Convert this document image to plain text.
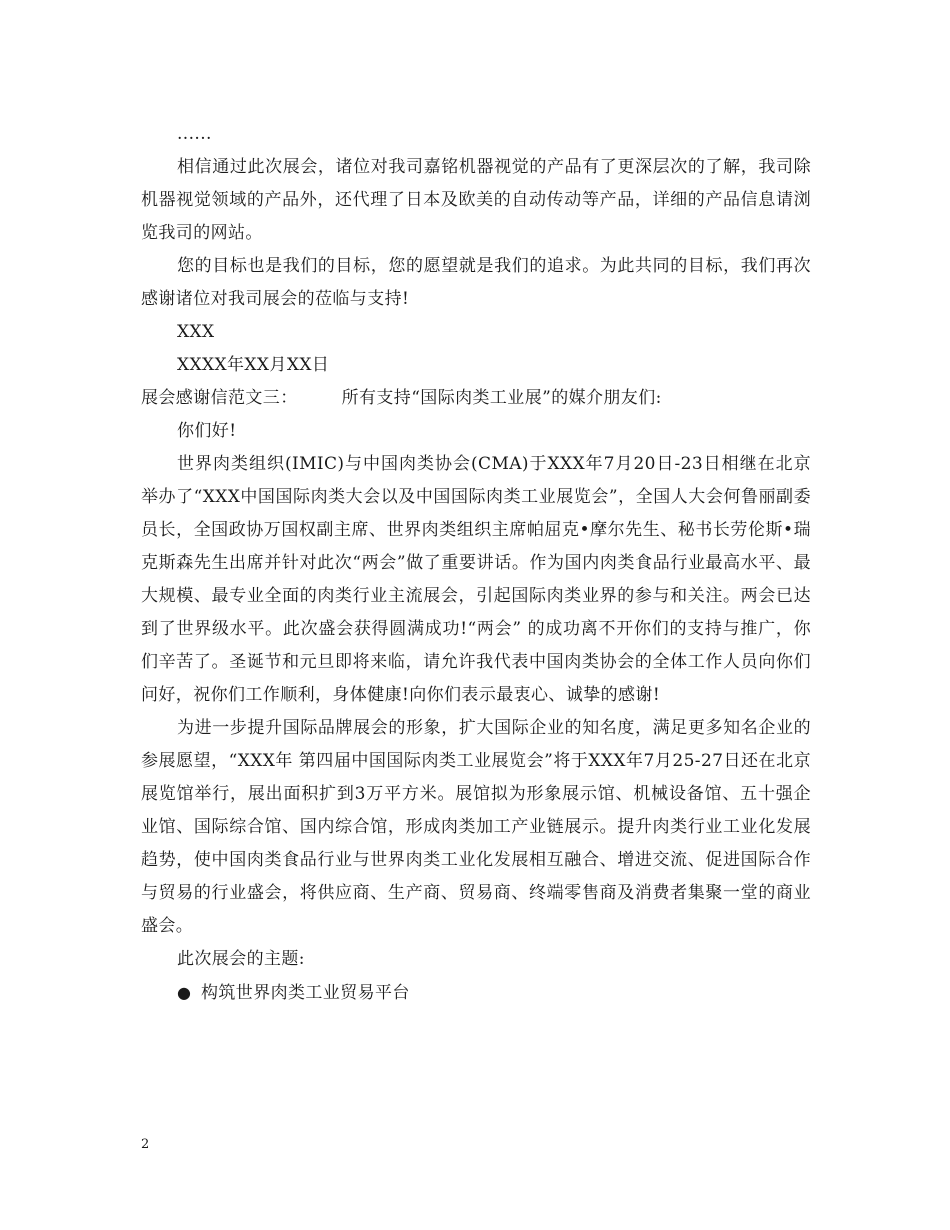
......
相信通过此次展会，诸位对我司嘉铭机器视觉的产品有了更深层次的了解，我司除机器视觉领域的产品外，还代理了日本及欧美的自动传动等产品，详细的产品信息请浏览我司的网站。
您的目标也是我们的目标，您的愿望就是我们的追求。为此共同的目标，我们再次感谢诸位对我司展会的莅临与支持!
XXX
XXXX年XX月XX日
展会感谢信范文三：	所有支持“国际肉类工业展”的媒介朋友们:
你们好!
世界肉类组织(IMIC)与中国肉类协会(CMA)于XXX年7月20日-23日相继在北京举办了“XXX中国国际肉类大会以及中国国际肉类工业展览会”，全国人大会何鲁丽副委员长，全国政协万国权副主席、世界肉类组织主席帕屈克•摩尔先生、秘书长劳伦斯•瑞克斯森先生出席并针对此次“两会”做了重要讲话。作为国内肉类食品行业最高水平、最大规模、最专业全面的肉类行业主流展会，引起国际肉类业界的参与和关注。两会已达到了世界级水平。此次盛会获得圆满成功!“两会” 的成功离不开你们的支持与推广，你们辛苦了。圣诞节和元旦即将来临，请允许我代表中国肉类协会的全体工作人员向你们问好，祝你们工作顺利，身体健康!向你们表示最衷心、诚挚的感谢!
为进一步提升国际品牌展会的形象，扩大国际企业的知名度，满足更多知名企业的参展愿望，“XXX年 第四届中国国际肉类工业展览会”将于XXX年7月25-27日还在北京展览馆举行，展出面积扩到3万平方米。展馆拟为形象展示馆、机械设备馆、五十强企业馆、国际综合馆、国内综合馆，形成肉类加工产业链展示。提升肉类行业工业化发展趋势，使中国肉类食品行业与世界肉类工业化发展相互融合、增进交流、促进国际合作与贸易的行业盛会，将供应商、生产商、贸易商、终端零售商及消费者集聚一堂的商业盛会。
此次展会的主题:
● 构筑世界肉类工业贸易平台
2
